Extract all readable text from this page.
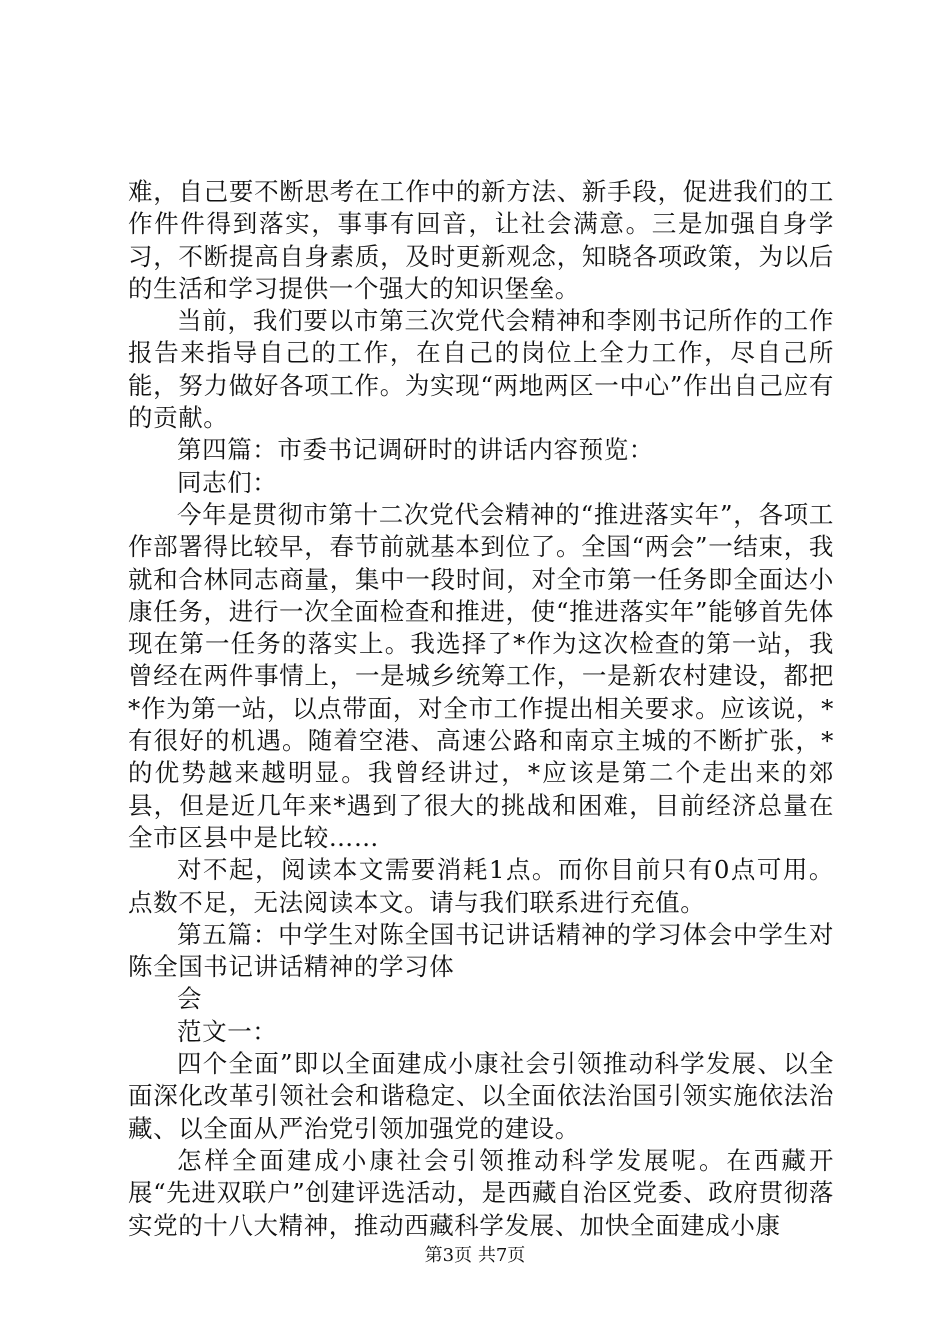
难，自己要不断思考在工作中的新方法、新手段，促进我们的工作件件得到落实，事事有回音，让社会满意。三是加强自身学习，不断提高自身素质，及时更新观念，知晓各项政策，为以后的生活和学习提供一个强大的知识堡垒。

当前，我们要以市第三次党代会精神和李刚书记所作的工作报告来指导自己的工作，在自己的岗位上全力工作，尽自己所能，努力做好各项工作。为实现“两地两区一中心”作出自己应有的贡献。

第四篇：市委书记调研时的讲话内容预览：

同志们：

今年是贯彻市第十二次党代会精神的“推进落实年”，各项工作部署得比较早，春节前就基本到位了。全国“两会”一结束，我就和合林同志商量，集中一段时间，对全市第一任务即全面达小康任务，进行一次全面检查和推进，使“推进落实年”能够首先体现在第一任务的落实上。我选择了*作为这次检查的第一站，我曾经在两件事情上，一是城乡统筹工作，一是新农村建设，都把*作为第一站，以点带面，对全市工作提出相关要求。应该说，*有很好的机遇。随着空港、高速公路和南京主城的不断扩张，*的优势越来越明显。我曾经讲过，*应该是第二个走出来的郊县，但是近几年来*遇到了很大的挑战和困难，目前经济总量在全市区县中是比较……

对不起，阅读本文需要消耗1点。而你目前只有0点可用。点数不足，无法阅读本文。请与我们联系进行充值。

第五篇：中学生对陈全国书记讲话精神的学习体会中学生对陈全国书记讲话精神的学习体

会

范文一：

四个全面”即以全面建成小康社会引领推动科学发展、以全面深化改革引领社会和谐稳定、以全面依法治国引领实施依法治藏、以全面从严治党引领加强党的建设。

怎样全面建成小康社会引领推动科学发展呢。在西藏开展“先进双联户”创建评选活动，是西藏自治区党委、政府贯彻落实党的十八大精神，推动西藏科学发展、加快全面建成小康

第3页 共7页
